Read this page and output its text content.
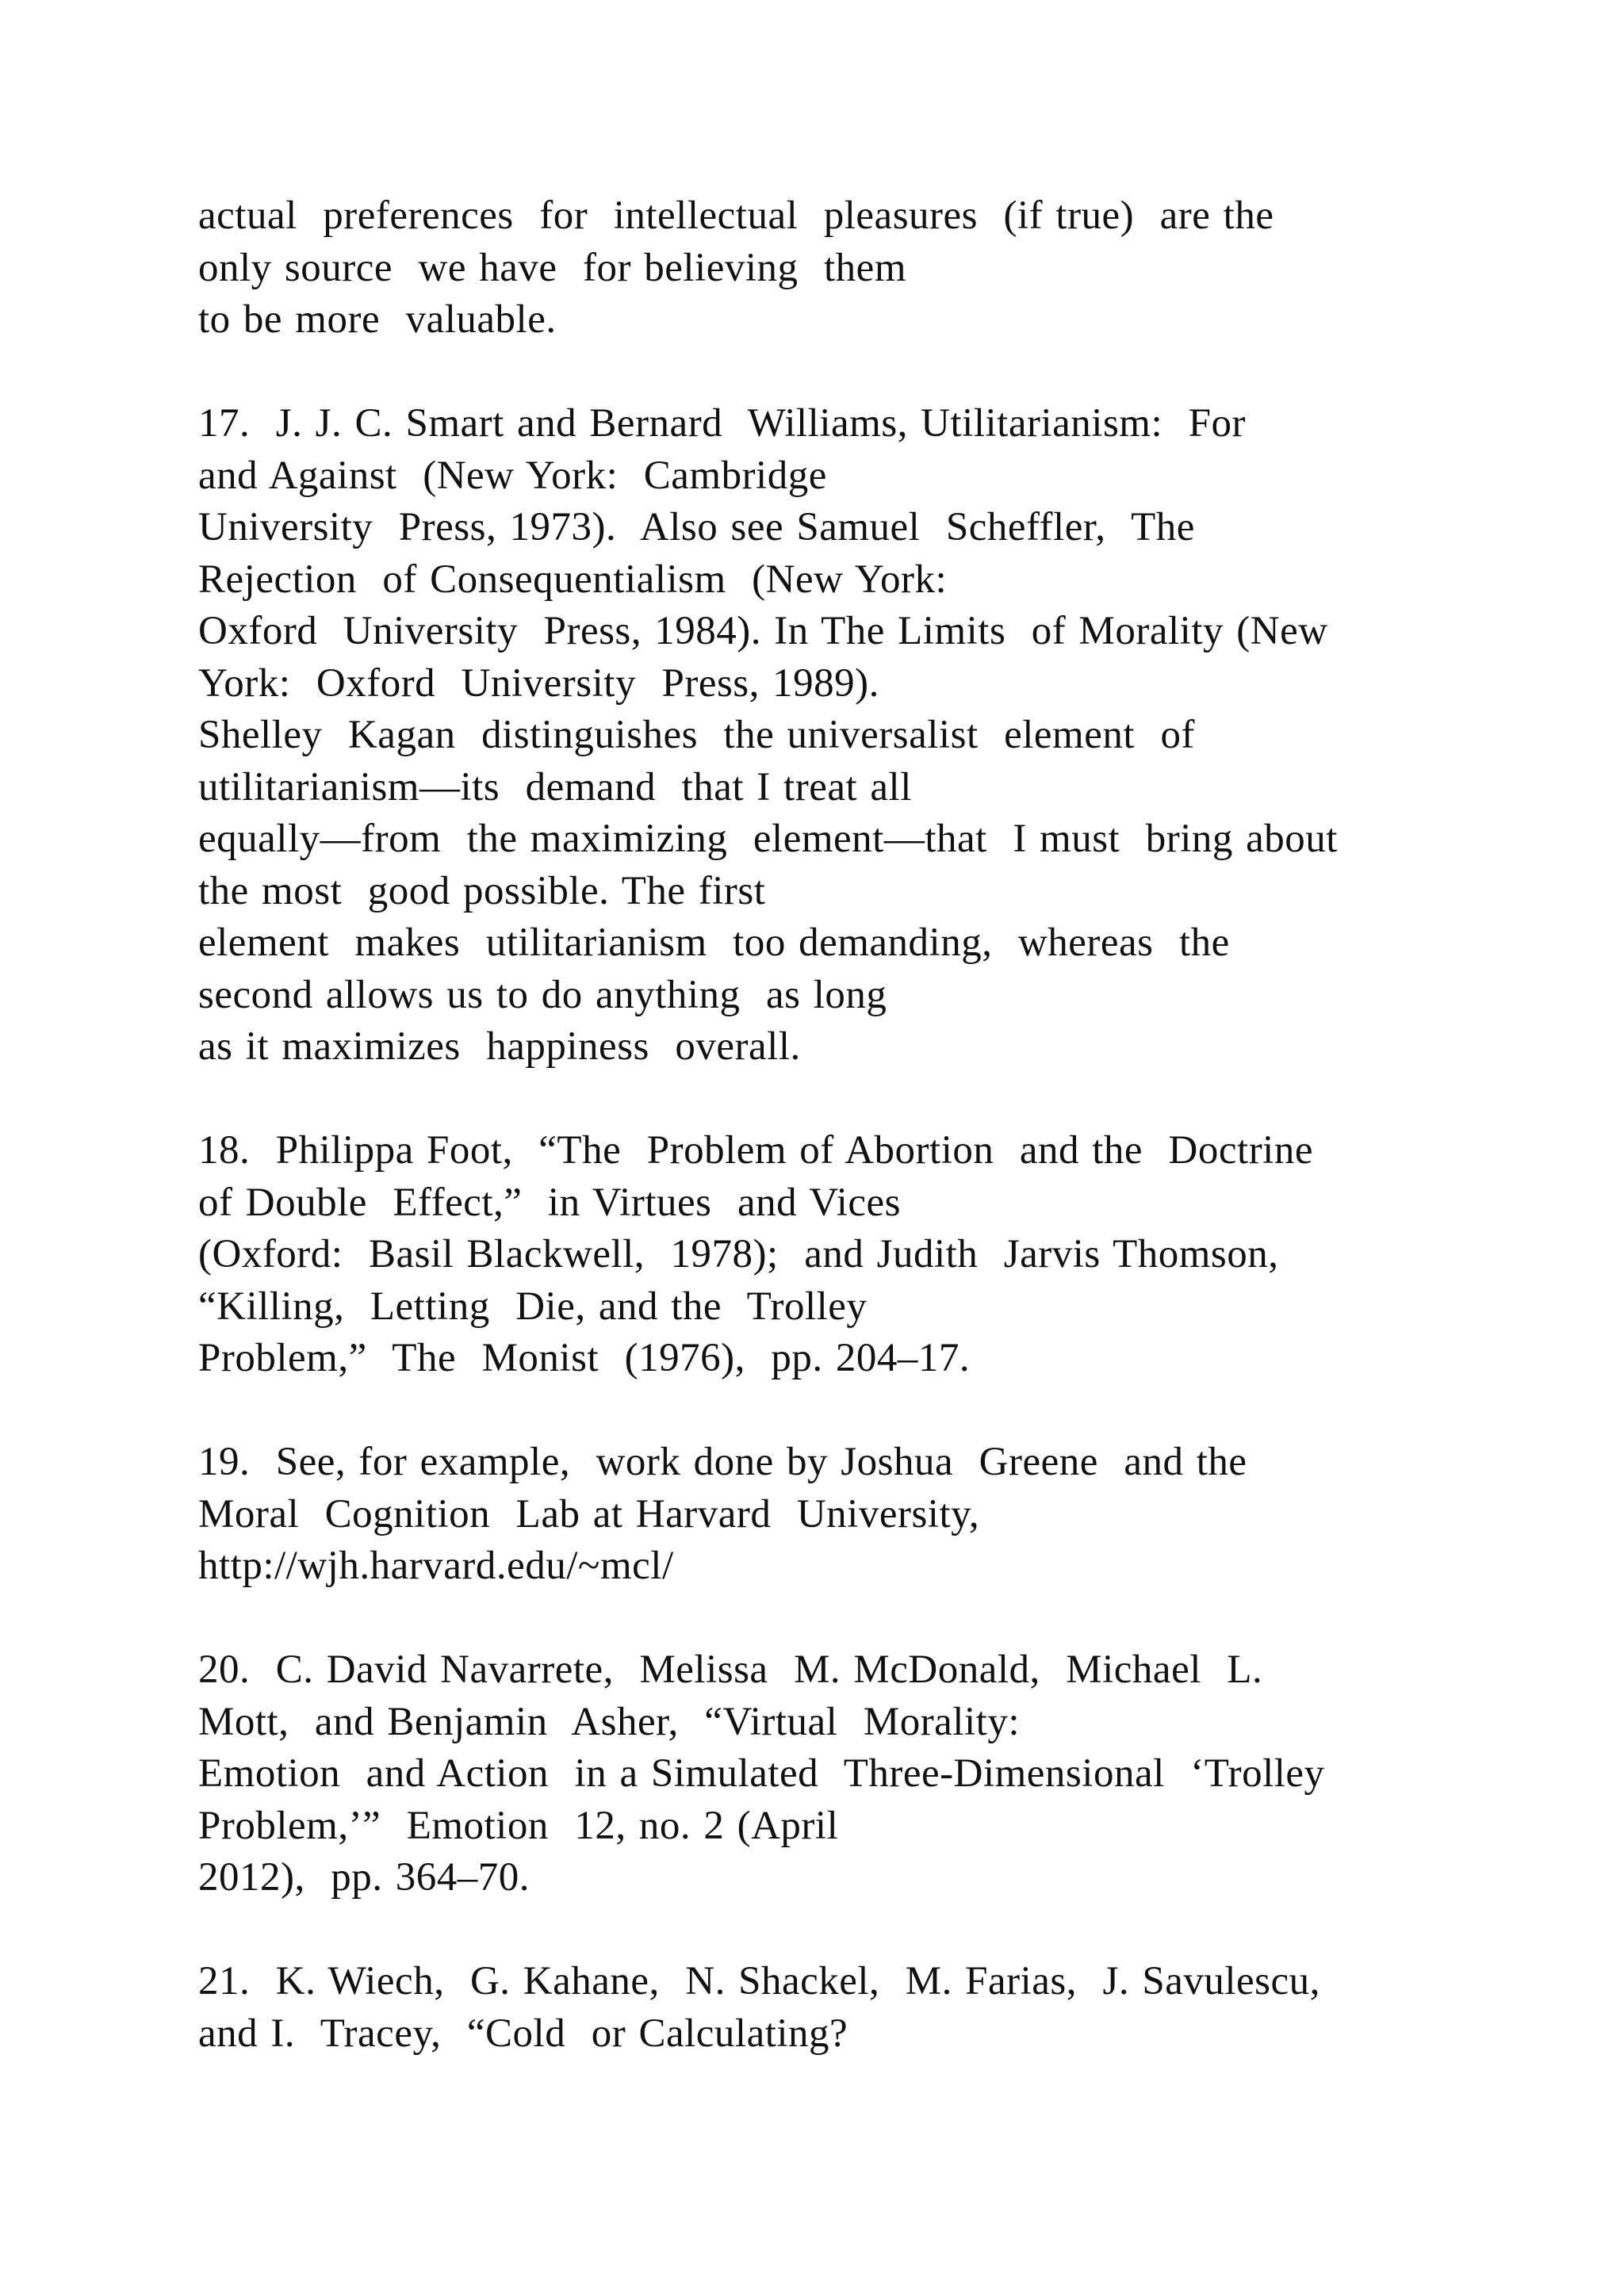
actual  preferences  for  intellectual  pleasures  (if true)  are the
only source  we have  for believing  them
to be more  valuable.
17.  J. J. C. Smart and Bernard  Williams, Utilitarianism:  For
and Against  (New York:  Cambridge
University  Press, 1973).  Also see Samuel  Scheffler,  The
Rejection  of Consequentialism  (New York:
Oxford  University  Press, 1984). In The Limits  of Morality (New
York:  Oxford  University  Press, 1989).
Shelley  Kagan  distinguishes  the universalist  element  of
utilitarianism—its  demand  that I treat all
equally—from  the maximizing  element—that  I must  bring about
the most  good possible. The first
element  makes  utilitarianism  too demanding,  whereas  the
second allows us to do anything  as long
as it maximizes  happiness  overall.
18.  Philippa Foot,  “The  Problem of Abortion  and the  Doctrine
of Double  Effect,”  in Virtues  and Vices
(Oxford:  Basil Blackwell,  1978);  and Judith  Jarvis Thomson,
“Killing,  Letting  Die, and the  Trolley
Problem,”  The  Monist  (1976),  pp. 204–17.
19.  See, for example,  work done by Joshua  Greene  and the
Moral  Cognition  Lab at Harvard  University,
http://wjh.harvard.edu/~mcl/
20.  C. David Navarrete,  Melissa  M. McDonald,  Michael  L.
Mott,  and Benjamin  Asher,  “Virtual  Morality:
Emotion  and Action  in a Simulated  Three-Dimensional  ‘Trolley
Problem,’”  Emotion  12, no. 2 (April
2012),  pp. 364–70.
21.  K. Wiech,  G. Kahane,  N. Shackel,  M. Farias,  J. Savulescu,
and I.  Tracey,  “Cold  or Calculating?
